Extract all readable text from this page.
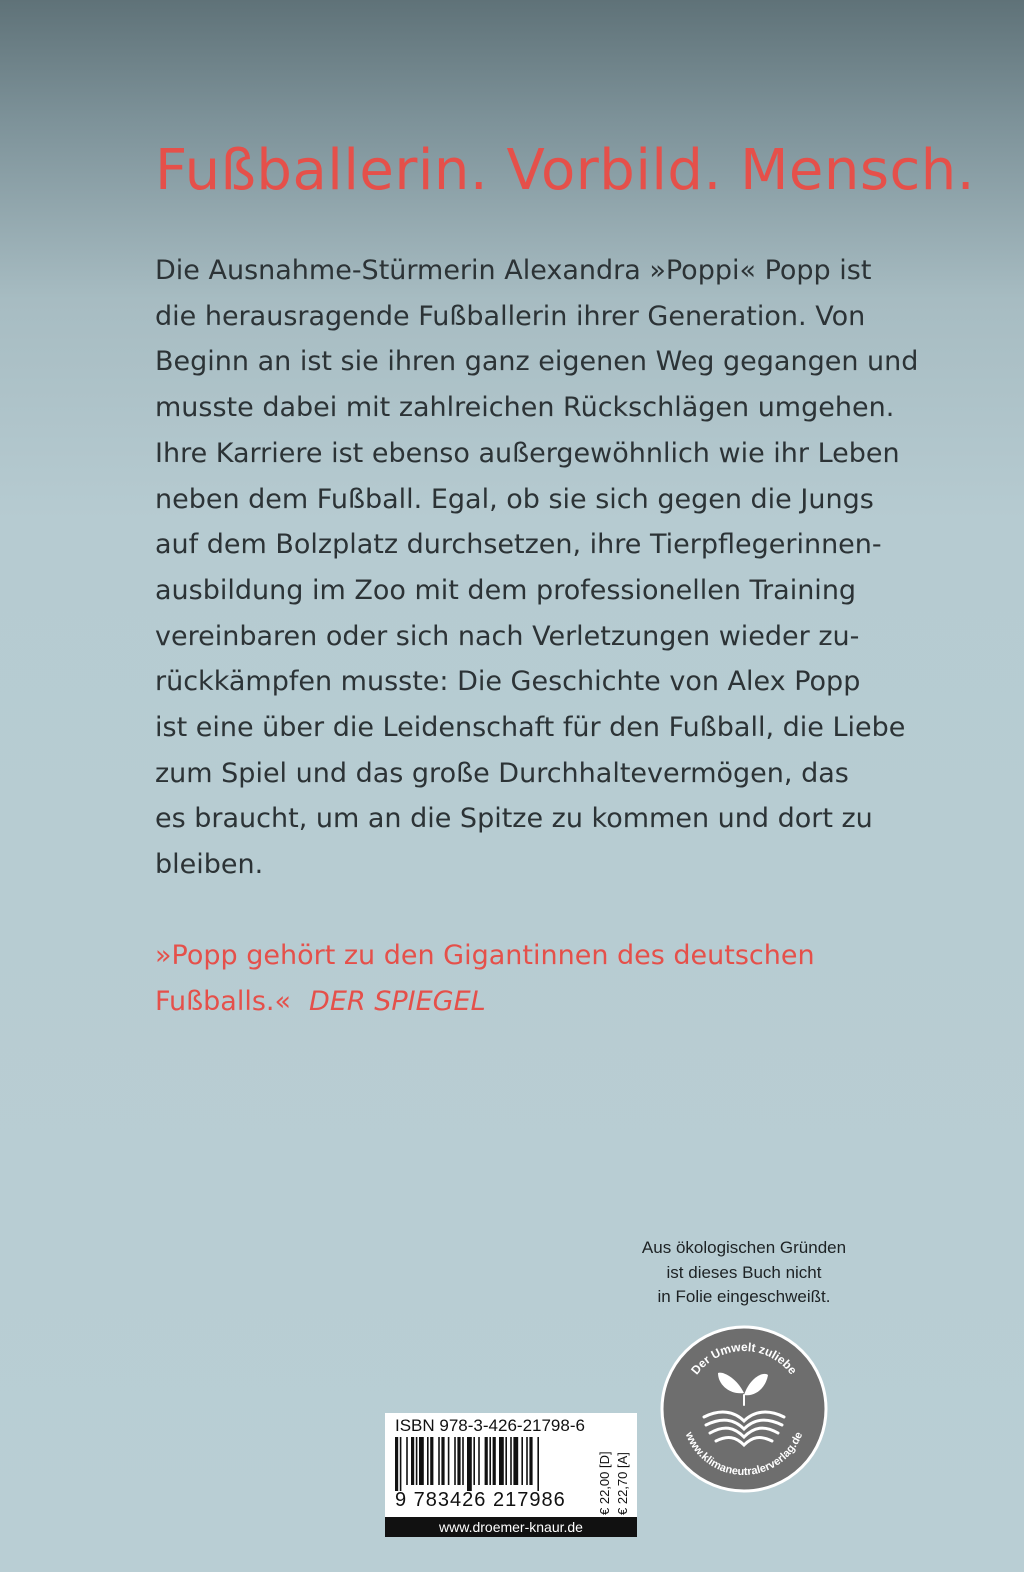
Fußballerin. Vorbild. Mensch.
Die Ausnahme-Stürmerin Alexandra »Poppi« Popp ist
die herausragende Fußballerin ihrer Generation. Von
Beginn an ist sie ihren ganz eigenen Weg gegangen und
musste dabei mit zahlreichen Rückschlägen umgehen.
Ihre Karriere ist ebenso außergewöhnlich wie ihr Leben
neben dem Fußball. Egal, ob sie sich gegen die Jungs
auf dem Bolzplatz durchsetzen, ihre Tierpflegerinnen-
ausbildung im Zoo mit dem professionellen Training
vereinbaren oder sich nach Verletzungen wieder zu-
rückkämpfen musste: Die Geschichte von Alex Popp
ist eine über die Leidenschaft für den Fußball, die Liebe
zum Spiel und das große Durchhaltevermögen, das
es braucht, um an die Spitze zu kommen und dort zu
bleiben.
»Popp gehört zu den Gigantinnen des deutschen
Fußballs.« DER SPIEGEL
Aus ökologischen Gründen
ist dieses Buch nicht
in Folie eingeschweißt.
Der Umwelt zuliebe
www.klimaneutralerverlag.de
ISBN 978-3-426-21798-6
9 783426 217986 € 22,00 [D] € 22,70 [A]
www.droemer-knaur.de
